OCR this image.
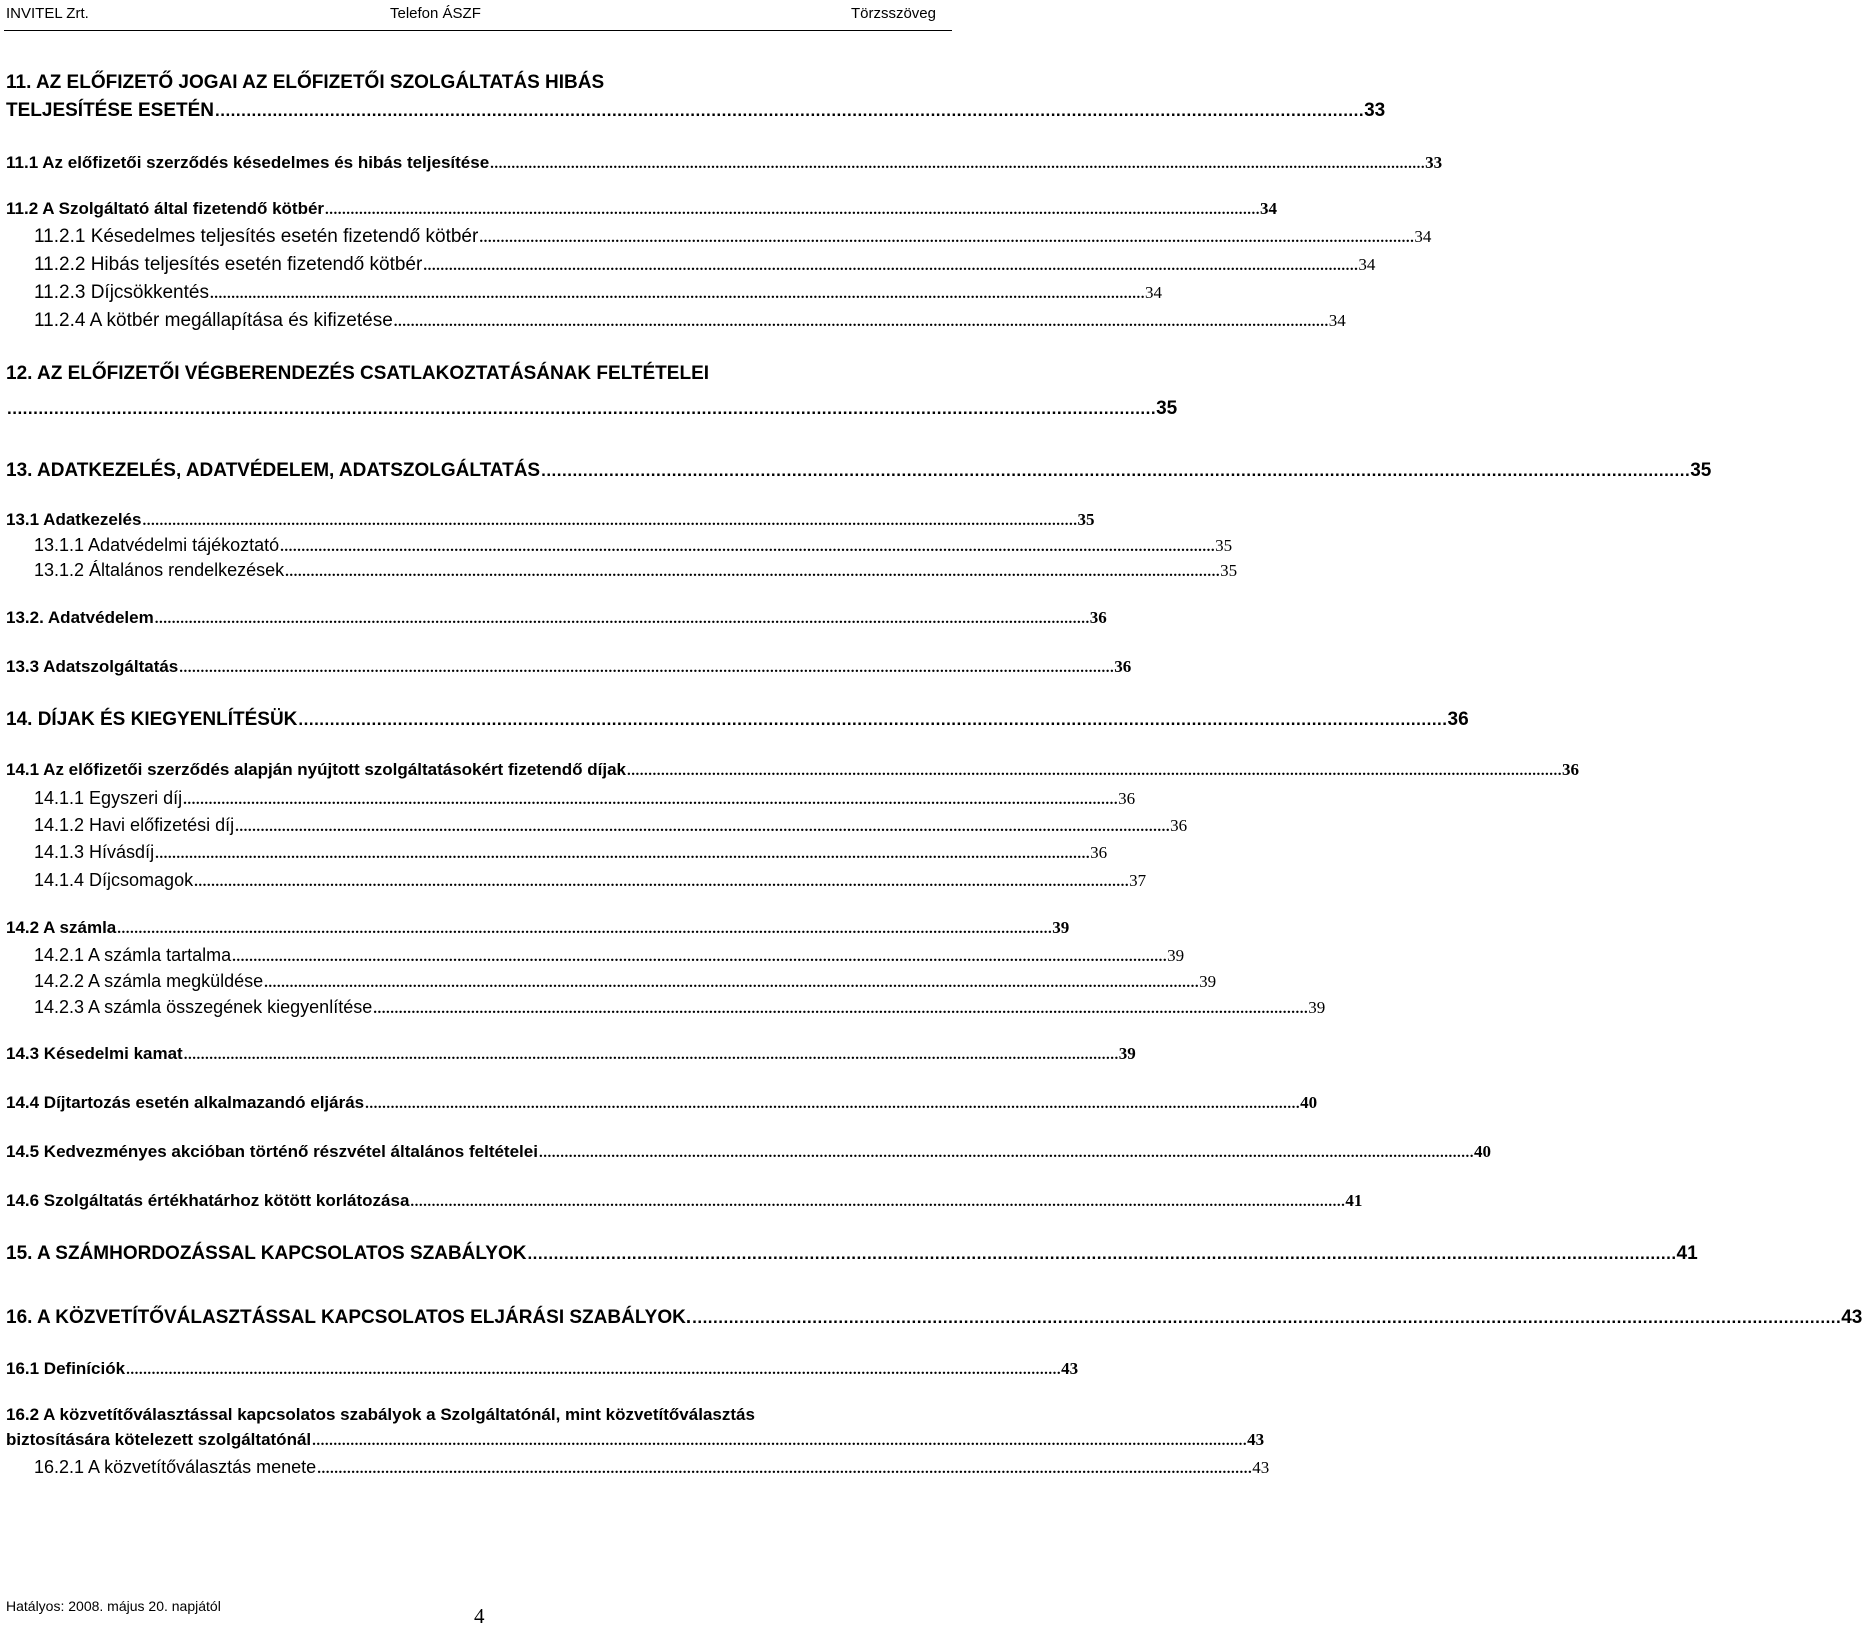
INVITEL Zrt.	Telefon ÁSZF	Törzsszöveg
11. AZ ELŐFIZETŐ JOGAI AZ ELŐFIZETŐI SZOLGÁLTATÁS HIBÁS
TELJESÍTÉSE ESETÉN ............................................................................................................................................................................................................................ 33
11.1 Az előfizetői szerződés késedelmes és hibás teljesítése ............................................................................................................................................................................................................................ 33
11.2 A Szolgáltató által fizetendő kötbér ............................................................................................................................................................................................................................ 34
11.2.1 Késedelmes teljesítés esetén fizetendő kötbér ............................................................................................................................................................................................................................ 34
11.2.2 Hibás teljesítés esetén fizetendő kötbér ............................................................................................................................................................................................................................ 34
11.2.3 Díjcsökkentés ............................................................................................................................................................................................................................ 34
11.2.4 A kötbér megállapítása és kifizetése ............................................................................................................................................................................................................................ 34
12. AZ ELŐFIZETŐI VÉGBERENDEZÉS CSATLAKOZTATÁSÁNAK FELTÉTELEI
............................................................................................................................................................................................................................ 35
13. ADATKEZELÉS, ADATVÉDELEM, ADATSZOLGÁLTATÁS ............................................................................................................................................................................................................................ 35
13.1 Adatkezelés ............................................................................................................................................................................................................................ 35
13.1.1 Adatvédelmi tájékoztató ............................................................................................................................................................................................................................ 35
13.1.2 Általános rendelkezések ............................................................................................................................................................................................................................ 35
13.2. Adatvédelem ............................................................................................................................................................................................................................ 36
13.3 Adatszolgáltatás ............................................................................................................................................................................................................................ 36
14. DÍJAK ÉS KIEGYENLÍTÉSÜK ............................................................................................................................................................................................................................ 36
14.1 Az előfizetői szerződés alapján nyújtott szolgáltatásokért fizetendő díjak ............................................................................................................................................................................................................................ 36
14.1.1 Egyszeri díj ............................................................................................................................................................................................................................ 36
14.1.2 Havi előfizetési díj ............................................................................................................................................................................................................................ 36
14.1.3 Hívásdíj ............................................................................................................................................................................................................................ 36
14.1.4 Díjcsomagok ............................................................................................................................................................................................................................ 37
14.2 A számla ............................................................................................................................................................................................................................ 39
14.2.1 A számla tartalma ............................................................................................................................................................................................................................ 39
14.2.2 A számla megküldése ............................................................................................................................................................................................................................ 39
14.2.3 A számla összegének kiegyenlítése ............................................................................................................................................................................................................................ 39
14.3 Késedelmi kamat ............................................................................................................................................................................................................................ 39
14.4 Díjtartozás esetén alkalmazandó eljárás ............................................................................................................................................................................................................................ 40
14.5 Kedvezményes akcióban történő részvétel általános feltételei ............................................................................................................................................................................................................................ 40
14.6 Szolgáltatás értékhatárhoz kötött korlátozása ............................................................................................................................................................................................................................ 41
15. A SZÁMHORDOZÁSSAL KAPCSOLATOS SZABÁLYOK ............................................................................................................................................................................................................................ 41
16. A KÖZVETÍTŐVÁLASZTÁSSAL KAPCSOLATOS ELJÁRÁSI SZABÁLYOK. ............................................................................................................................................................................................................................ 43
16.1 Definíciók ............................................................................................................................................................................................................................ 43
16.2 A közvetítőválasztással kapcsolatos szabályok a Szolgáltatónál, mint közvetítőválasztás
biztosítására kötelezett szolgáltatónál ............................................................................................................................................................................................................................ 43
16.2.1 A közvetítőválasztás menete ............................................................................................................................................................................................................................ 43
Hatályos: 2008. május 20. napjától	4
